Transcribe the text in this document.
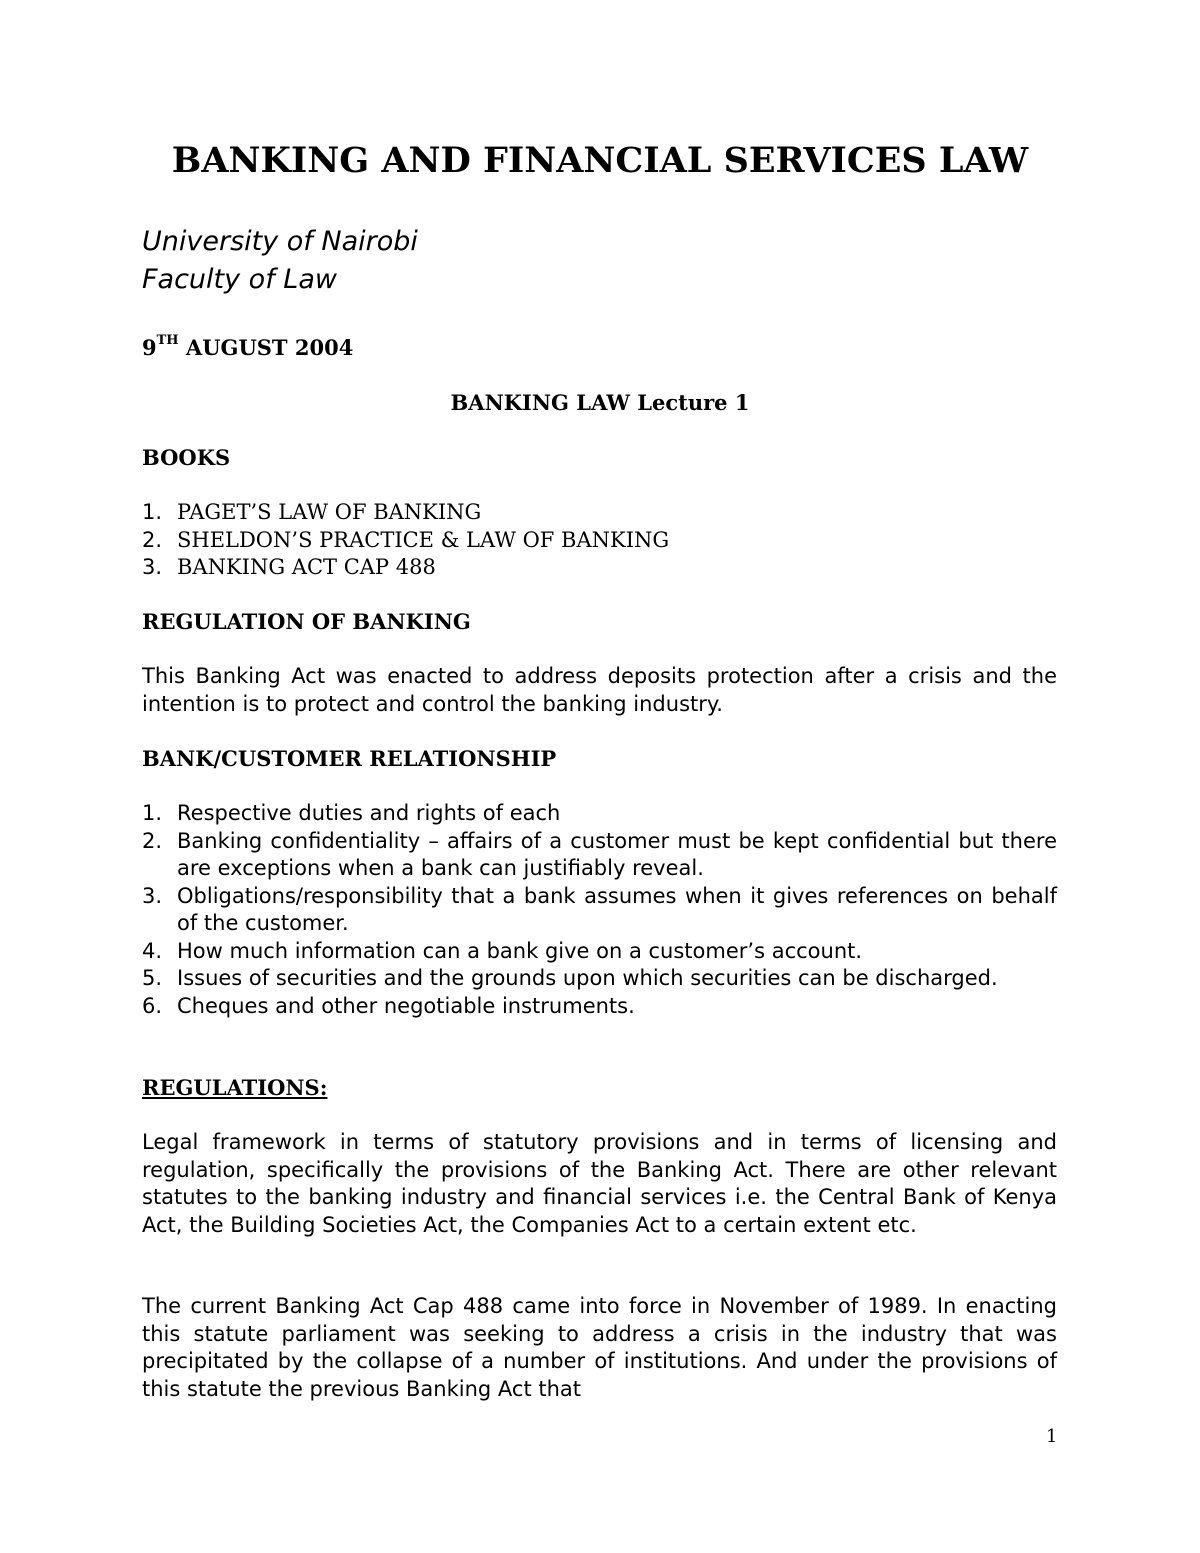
BANKING AND FINANCIAL SERVICES LAW
University of Nairobi
Faculty of Law
9TH AUGUST 2004
BANKING LAW Lecture 1
BOOKS
1. PAGET’S LAW OF BANKING
2. SHELDON’S PRACTICE & LAW OF BANKING
3. BANKING ACT CAP 488
REGULATION OF BANKING

This Banking Act was enacted to address deposits protection after a crisis and the intention is to protect and control the banking industry.

BANK/CUSTOMER RELATIONSHIP
1. Respective duties and rights of each
2. Banking confidentiality – affairs of a customer must be kept confidential but there are exceptions when a bank can justifiably reveal.
3. Obligations/responsibility that a bank assumes when it gives references on behalf of the customer.
4. How much information can a bank give on a customer’s account.
5. Issues of securities and the grounds upon which securities can be discharged.
6. Cheques and other negotiable instruments.
REGULATIONS:

Legal framework in terms of statutory provisions and in terms of licensing and regulation, specifically the provisions of the Banking Act. There are other relevant statutes to the banking industry and financial services i.e. the Central Bank of Kenya Act, the Building Societies Act, the Companies Act to a certain extent etc.

The current Banking Act Cap 488 came into force in November of 1989. In enacting this statute parliament was seeking to address a crisis in the industry that was precipitated by the collapse of a number of institutions. And under the provisions of this statute the previous Banking Act that

1
